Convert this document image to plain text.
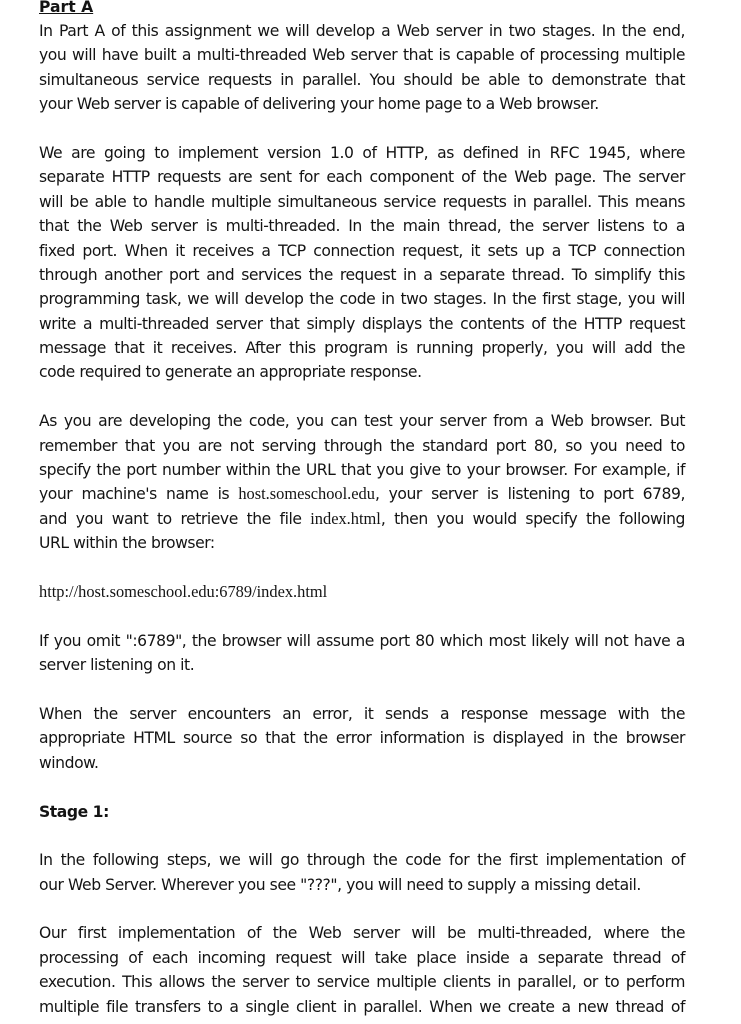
Part A

In Part A of this assignment we will develop a Web server in two stages. In the end,
you will have built a multi-threaded Web server that is capable of processing multiple
simultaneous service requests in parallel. You should be able to demonstrate that
your Web server is capable of delivering your home page to a Web browser.
We are going to implement version 1.0 of HTTP, as defined in RFC 1945, where
separate HTTP requests are sent for each component of the Web page. The server
will be able to handle multiple simultaneous service requests in parallel. This means
that the Web server is multi-threaded. In the main thread, the server listens to a
fixed port. When it receives a TCP connection request, it sets up a TCP connection
through another port and services the request in a separate thread. To simplify this
programming task, we will develop the code in two stages. In the first stage, you will
write a multi-threaded server that simply displays the contents of the HTTP request
message that it receives. After this program is running properly, you will add the
code required to generate an appropriate response.
As you are developing the code, you can test your server from a Web browser. But
remember that you are not serving through the standard port 80, so you need to
specify the port number within the URL that you give to your browser. For example, if
your machine's name is host.someschool.edu, your server is listening to port 6789,
and you want to retrieve the file index.html, then you would specify the following
URL within the browser:
http://host.someschool.edu:6789/index.html
If you omit ":6789", the browser will assume port 80 which most likely will not have a
server listening on it.
When the server encounters an error, it sends a response message with the
appropriate HTML source so that the error information is displayed in the browser
window.
Stage 1:
In the following steps, we will go through the code for the first implementation of
our Web Server. Wherever you see "???", you will need to supply a missing detail.
Our first implementation of the Web server will be multi-threaded, where the
processing of each incoming request will take place inside a separate thread of
execution. This allows the server to service multiple clients in parallel, or to perform
multiple file transfers to a single client in parallel. When we create a new thread of
